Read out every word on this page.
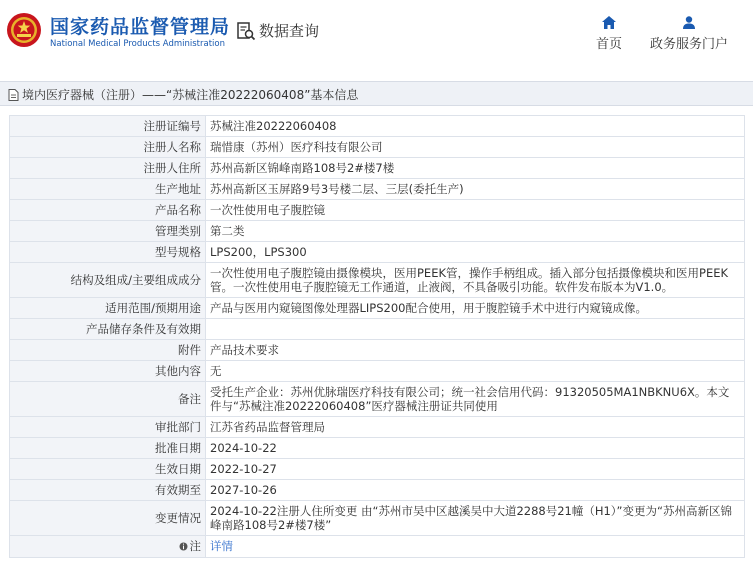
国家药品监督管理局
National Medical Products Administration
数据查询
首页 政务服务门户
境内医疗器械（注册）——“苏械注准20222060408”基本信息
注册证编号	苏械注准20222060408
注册人名称	瑞惜康（苏州）医疗科技有限公司
注册人住所	苏州高新区锦峰南路108号2#楼7楼
生产地址	苏州高新区玉屏路9号3号楼二层、三层(委托生产)
产品名称	一次性使用电子腹腔镜
管理类别	第二类
型号规格	LPS200，LPS300
结构及组成/主要组成成分	一次性使用电子腹腔镜由摄像模块，医用PEEK管，操作手柄组成。插入部分包括摄像模块和医用PEEK管。一次性使用电子腹腔镜无工作通道，止液阀，不具备吸引功能。软件发布版本为V1.0。
适用范围/预期用途	产品与医用内窥镜图像处理器LIPS200配合使用，用于腹腔镜手术中进行内窥镜成像。
产品储存条件及有效期	
附件	产品技术要求
其他内容	无
备注	受托生产企业：苏州优脉瑞医疗科技有限公司；统一社会信用代码：91320505MA1NBKNU6X。本文件与“苏械注准20222060408”医疗器械注册证共同使用
审批部门	江苏省药品监督管理局
批准日期	2024-10-22
生效日期	2022-10-27
有效期至	2027-10-26
变更情况	2024-10-22注册人住所变更 由“苏州市吴中区越溪吴中大道2288号21幢（H1）”变更为“苏州高新区锦峰南路108号2#楼7楼”

注	详情
